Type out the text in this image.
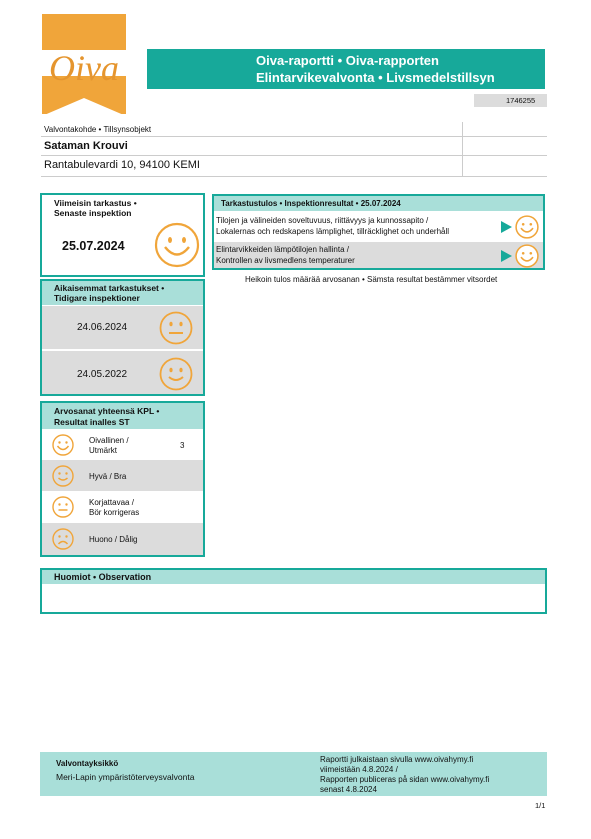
Oiva	Oiva-raportti • Oiva-rapporten
Elintarvikevalvonta • Livsmedelstillsyn
1746255
Valvontakohde • Tillsynsobjekt
Sataman Krouvi
Rantabulevardi 10, 94100 KEMI
Viimeisin tarkastus •
Senaste inspektion
25.07.2024
Aikaisemmat tarkastukset •
Tidigare inspektioner
24.06.2024
24.05.2022
Arvosanat yhteensä KPL •
Resultat inalles ST
Oivallinen /
Utmärkt
3
Hyvä / Bra
Korjattavaa /
Bör korrigeras
Huono / Dålig
Tarkastustulos • Inspektionresultat • 25.07.2024
Tilojen ja välineiden soveltuvuus, riittävyys ja kunnossapito /
Lokalernas och redskapens lämplighet, tillräcklighet och underhåll
Elintarvikkeiden lämpötilojen hallinta /
Kontrollen av livsmedlens temperaturer
Heikoin tulos määrää arvosanan • Sämsta resultat bestämmer vitsordet
Huomiot • Observation
Valvontayksikkö
Meri-Lapin ympäristöterveysvalvonta
Raportti julkaistaan sivulla www.oivahymy.fi
viimeistään 4.8.2024 /
Rapporten publiceras på sidan www.oivahymy.fi
senast 4.8.2024
1/1
